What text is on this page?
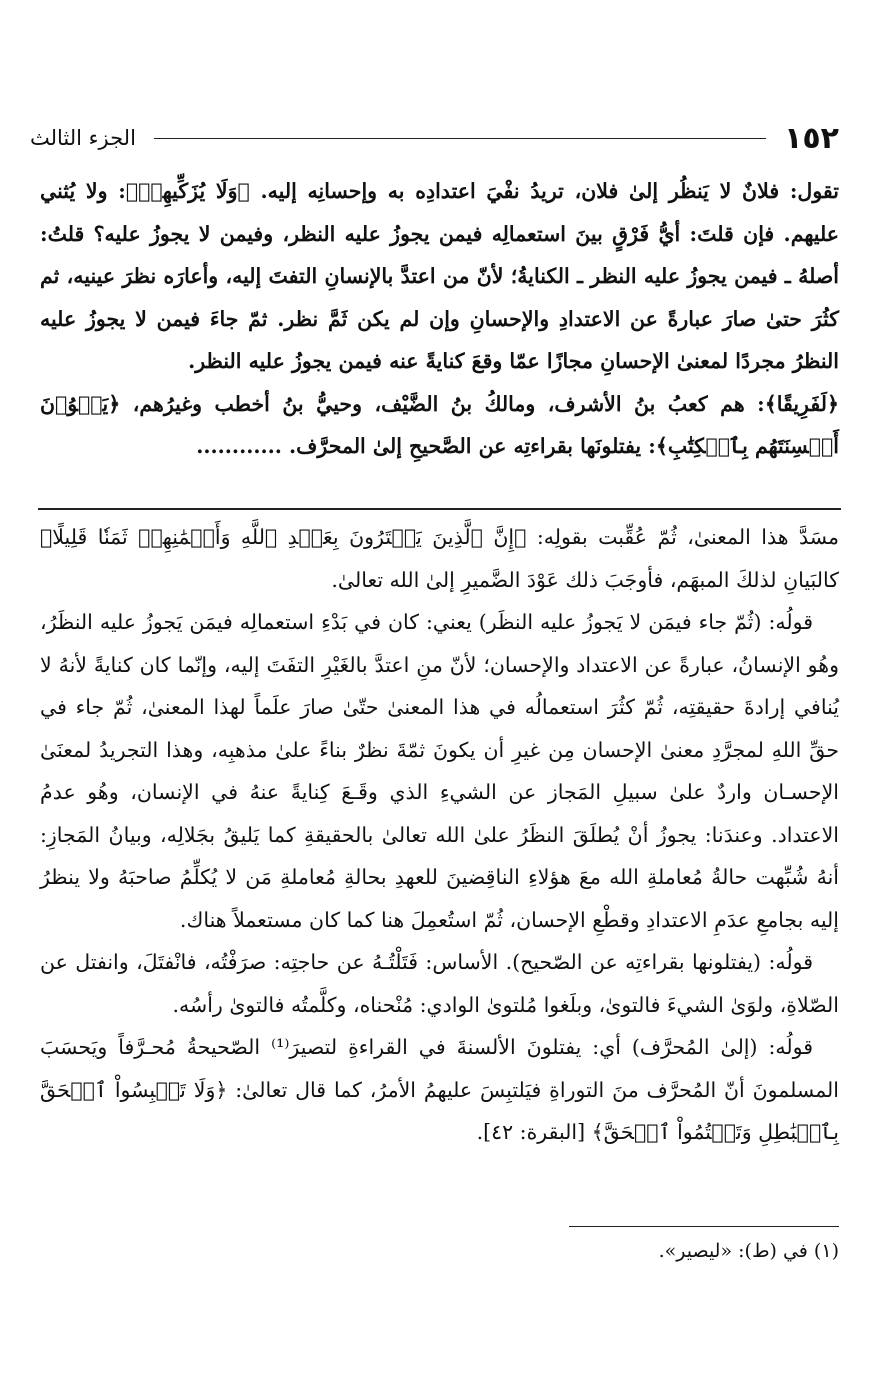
١٥٢
الجزء الثالث

تقول: فلانٌ لا يَنظُر إلىٰ فلان، تريدُ نفْيَ اعتدادِه به وإحسانِه إليه. ﴿وَلَا يُزَكِّيهِمۡ﴾: ولا يُثني عليهم. فإن قلتَ: أيُّ فَرْقٍ بينَ استعمالِه فيمن يجوزُ عليه النظر، وفيمن لا يجوزُ عليه؟ قلتُ: أصلهُ ـ فيمن يجوزُ عليه النظر ـ الكنايةُ؛ لأنّ من اعتدَّ بالإنسانِ التفتَ إليه، وأعارَه نظرَ عينيه، ثم كثُرَ حتىٰ صارَ عبارةً عن الاعتدادِ والإحسانِ وإن لم يكن ثَمَّ نظر. ثمّ جاءَ فيمن لا يجوزُ عليه النظرُ مجردًا لمعنىٰ الإحسانِ مجازًا عمّا وقعَ كنايةً عنه فيمن يجوزُ عليه النظر.

﴿لَفَرِيقًا﴾: هم كعبُ بنُ الأشرف، ومالكُ بنُ الضَّيْف، وحييُّ بنُ أخطب وغيرُهم، ﴿يَلۡوُۥنَ أَلۡسِنَتَهُم بِٱلۡكِتَٰبِ﴾: يفتلونَها بقراءتِه عن الصَّحيحِ إلىٰ المحرَّف. ............

مسَدَّ هذا المعنىٰ، ثُمّ عُقِّبت بقولِه: ﴿إِنَّ ٱلَّذِينَ يَشۡتَرُونَ بِعَهۡدِ ٱللَّهِ وَأَيۡمَٰنِهِمۡ ثَمَنٗا قَلِيلًا﴾ كالبَيانِ لذلكَ المبهَم، فأوجَبَ ذلك عَوْدَ الضَّميرِ إلىٰ الله تعالىٰ.

قولُه: (ثُمّ جاء فيمَن لا يَجوزُ عليه النظَر) يعني: كان في بَدْءِ استعمالِه فيمَن يَجوزُ عليه النظَرُ، وهُو الإنسانُ، عبارةً عن الاعتداد والإحسان؛ لأنّ منِ اعتدَّ بالغَيْرِ التفَتَ إليه، وإنّما كان كنايةً لأنهُ لا يُنافي إرادةَ حقيقتِه، ثُمّ كثُرَ استعمالُه في هذا المعنىٰ حتّىٰ صارَ علَماً لهذا المعنىٰ، ثُمّ جاء في حقِّ اللهِ لمجرَّدِ معنىٰ الإحسان مِن غيرِ أن يكونَ ثمّةَ نظرٌ بناءً علىٰ مذهبِه، وهذا التجريدُ لمعنَىٰ الإحسـان واردٌ علىٰ سبيلِ المَجاز عن الشيءِ الذي وقَـعَ كِنايةً عنهُ في الإنسان، وهُو عدمُ الاعتداد. وعندَنا: يجوزُ أنْ يُطلَقَ النظَرُ علىٰ الله تعالىٰ بالحقيقةِ كما يَليقُ بجَلالِه، وبيانُ المَجازِ: أنهُ شُبِّهت حالةُ مُعاملةِ الله معَ هؤلاءِ الناقِضينَ للعهدِ بحالةِ مُعاملةِ مَن لا يُكلِّمُ صاحبَهُ ولا ينظرُ إليه بجامعِ عدَمِ الاعتدادِ وقطْعِ الإحسان، ثُمّ استُعمِلَ هنا كما كان مستعملاً هناك.

قولُه: (يفتلونها بقراءتِه عن الصّحيح). الأساس: فَتَلْتُـهُ عن حاجتِه: صرَفْتُه، فانْفتَلَ، وانفتل عن الصّلاةِ، ولوَىٰ الشيءَ فالتوىٰ، وبلَغوا مُلتوىٰ الوادي: مُنْحناه، وكلَّمتُه فالتوىٰ رأسُه.

قولُه: (إلىٰ المُحرَّف) أي: يفتلونَ الألسنةَ في القراءةِ لتصيرَ⁽¹⁾ الصّحيحةُ مُحـرَّفاً ويَحسَبَ المسلمونَ أنّ المُحرَّف منَ التوراةِ فيَلتبِسَ عليهمُ الأمرُ، كما قال تعالىٰ: ﴿وَلَا تَلۡبِسُواْ ٱلۡحَقَّ بِٱلۡبَٰطِلِ وَتَكۡتُمُواْ ٱلۡحَقَّ﴾ [البقرة: ٤٢].

(١) في (ط): «ليصير».
